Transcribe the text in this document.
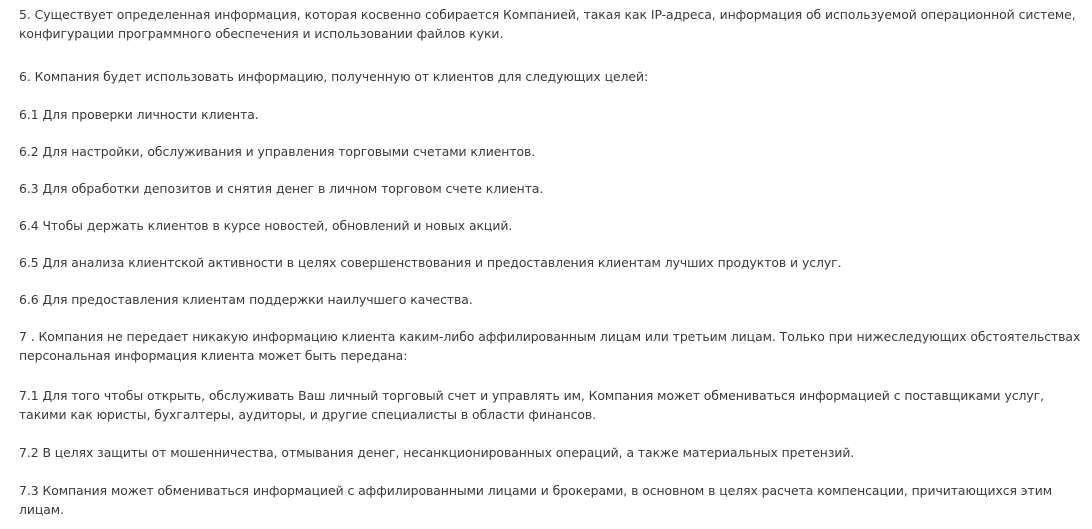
5. Существует определенная информация, которая косвенно собирается Компанией, такая как IP-адреса, информация об используемой операционной системе, конфигурации программного обеспечения и использовании файлов куки.

6. Компания будет использовать информацию, полученную от клиентов для следующих целей:

6.1 Для проверки личности клиента.

6.2 Для настройки, обслуживания и управления торговыми счетами клиентов.

6.3 Для обработки депозитов и снятия денег в личном торговом счете клиента.

6.4 Чтобы держать клиентов в курсе новостей, обновлений и новых акций.

6.5 Для анализа клиентской активности в целях совершенствования и предоставления клиентам лучших продуктов и услуг.

6.6 Для предоставления клиентам поддержки наилучшего качества.

7 . Компания не передает никакую информацию клиента каким-либо аффилированным лицам или третьим лицам. Только при нижеследующих обстоятельствах персональная информация клиента может быть передана:

7.1 Для того чтобы открыть, обслуживать Ваш личный торговый счет и управлять им, Компания может обмениваться информацией с поставщиками услуг, такими как юристы, бухгалтеры, аудиторы, и другие специалисты в области финансов.

7.2 В целях защиты от мошенничества, отмывания денег, несанкционированных операций, а также материальных претензий.

7.3 Компания может обмениваться информацией с аффилированными лицами и брокерами, в основном в целях расчета компенсации, причитающихся этим лицам.
